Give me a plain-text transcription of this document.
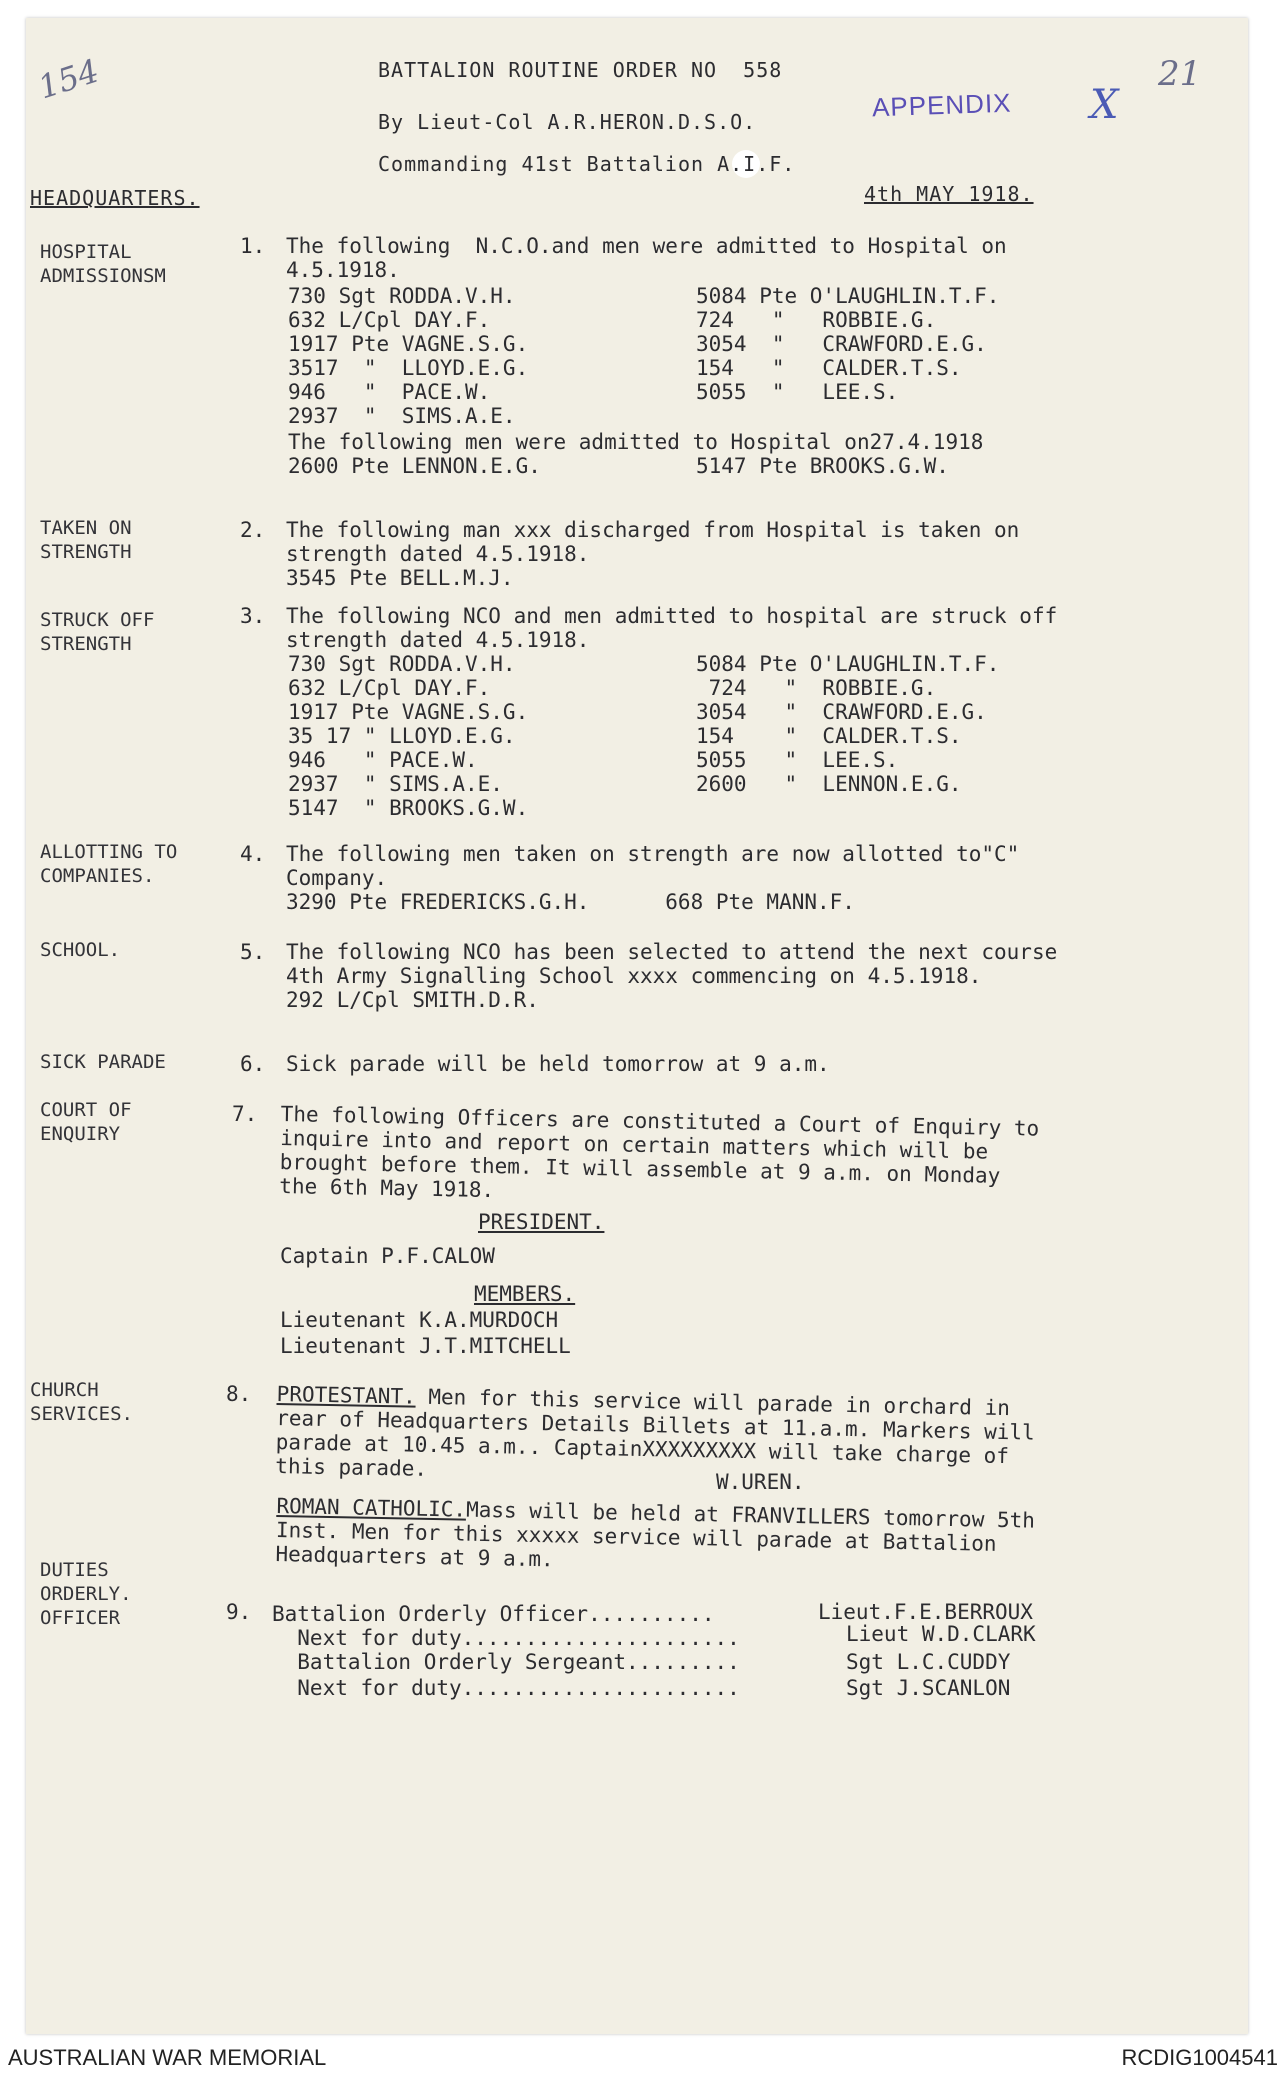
154	21
APPENDIX X
BATTALION ROUTINE ORDER NO  558
By Lieut-Col A.R.HERON.D.S.O.
Commanding 41st Battalion A.I.F.
HEADQUARTERS.	4th MAY 1918.
HOSPITAL
ADMISSIONSM
1. The following  N.C.O.and men were admitted to Hospital on
4.5.1918.
730 Sgt RODDA.V.H.	5084 Pte O'LAUGHLIN.T.F.
632 L/Cpl DAY.F.	724   "   ROBBIE.G.
1917 Pte VAGNE.S.G.	3054  "   CRAWFORD.E.G.
3517  "  LLOYD.E.G.	154   "   CALDER.T.S.
946   "  PACE.W.	5055  "   LEE.S.
2937  "  SIMS.A.E.
The following men were admitted to Hospital on27.4.1918
2600 Pte LENNON.E.G.	5147 Pte BROOKS.G.W.
TAKEN ON
STRENGTH
2. The following man xxx discharged from Hospital is taken on
strength dated 4.5.1918.
3545 Pte BELL.M.J.
STRUCK OFF
STRENGTH
3. The following NCO and men admitted to hospital are struck off
strength dated 4.5.1918.
730 Sgt RODDA.V.H.	5084 Pte O'LAUGHLIN.T.F.
632 L/Cpl DAY.F.	724   "  ROBBIE.G.
1917 Pte VAGNE.S.G.	3054   "  CRAWFORD.E.G.
35 17 " LLOYD.E.G.	154    "  CALDER.T.S.
946   " PACE.W.	5055   "  LEE.S.
2937  " SIMS.A.E.	2600   "  LENNON.E.G.
5147  " BROOKS.G.W.
ALLOTTING TO
COMPANIES.
4. The following men taken on strength are now allotted to"C"
Company.
3290 Pte FREDERICKS.G.H.      668 Pte MANN.F.
SCHOOL.	5. The following NCO has been selected to attend the next course
4th Army Signalling School xxxx commencing on 4.5.1918.
292 L/Cpl SMITH.D.R.
SICK PARADE	6. Sick parade will be held tomorrow at 9 a.m.
COURT OF
ENQUIRY
7. The following Officers are constituted a Court of Enquiry to
inquire into and report on certain matters which will be
brought before them. It will assemble at 9 a.m. on Monday
the 6th May 1918.
PRESIDENT.
Captain P.F.CALOW
MEMBERS.
Lieutenant K.A.MURDOCH
Lieutenant J.T.MITCHELL
CHURCH
SERVICES.
8. PROTESTANT. Men for this service will parade in orchard in
rear of Headquarters Details Billets at 11.a.m. Markers will
parade at 10.45 a.m.. CaptainXXXXXXXXX will take charge of
this parade.
W.UREN.
ROMAN CATHOLIC.Mass will be held at FRANVILLERS tomorrow 5th
Inst. Men for this xxxxx service will parade at Battalion
Headquarters at 9 a.m.
DUTIES
ORDERLY.
OFFICER	9. Battalion Orderly Officer..........	Lieut.F.E.BERROUX
Next for duty......................	Lieut W.D.CLARK
Battalion Orderly Sergeant.........	Sgt L.C.CUDDY
Next for duty......................	Sgt J.SCANLON
AUSTRALIAN WAR MEMORIAL	RCDIG1004541
